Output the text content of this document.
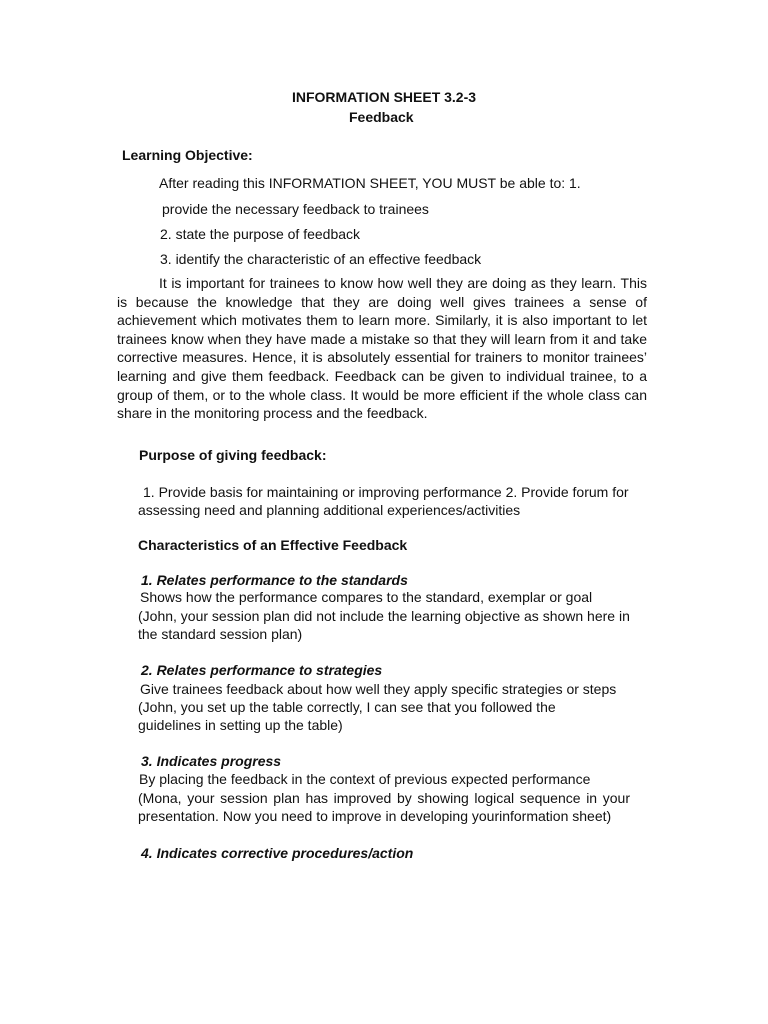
INFORMATION SHEET 3.2-3
Feedback
Learning Objective:
After reading this INFORMATION SHEET, YOU MUST be able to: 1.
provide the necessary feedback to trainees
2. state the purpose of feedback
3. identify the characteristic of an effective feedback
It is important for trainees to know how well they are doing as they learn. This is because the knowledge that they are doing well gives trainees a sense of achievement which motivates them to learn more. Similarly, it is also important to let trainees know when they have made a mistake so that they will learn from it and take corrective measures. Hence, it is absolutely essential for trainers to monitor trainees’ learning and give them feedback. Feedback can be given to individual trainee, to a group of them, or to the whole class. It would be more efficient if the whole class can share in the monitoring process and the feedback.
Purpose of giving feedback:
1. Provide basis for maintaining or improving performance 2. Provide forum for assessing need and planning additional experiences/activities
Characteristics of an Effective Feedback
1. Relates performance to the standards
Shows how the performance compares to the standard, exemplar or goal
(John, your session plan did not include the learning objective as shown here in the standard session plan)
2. Relates performance to strategies
Give trainees feedback about how well they apply specific strategies or steps
(John, you set up the table correctly, I can see that you followed the guidelines in setting up the table)
3. Indicates progress
By placing the feedback in the context of previous expected performance
(Mona, your session plan has improved by showing logical sequence in your presentation. Now you need to improve in developing yourinformation sheet)
4. Indicates corrective procedures/action
